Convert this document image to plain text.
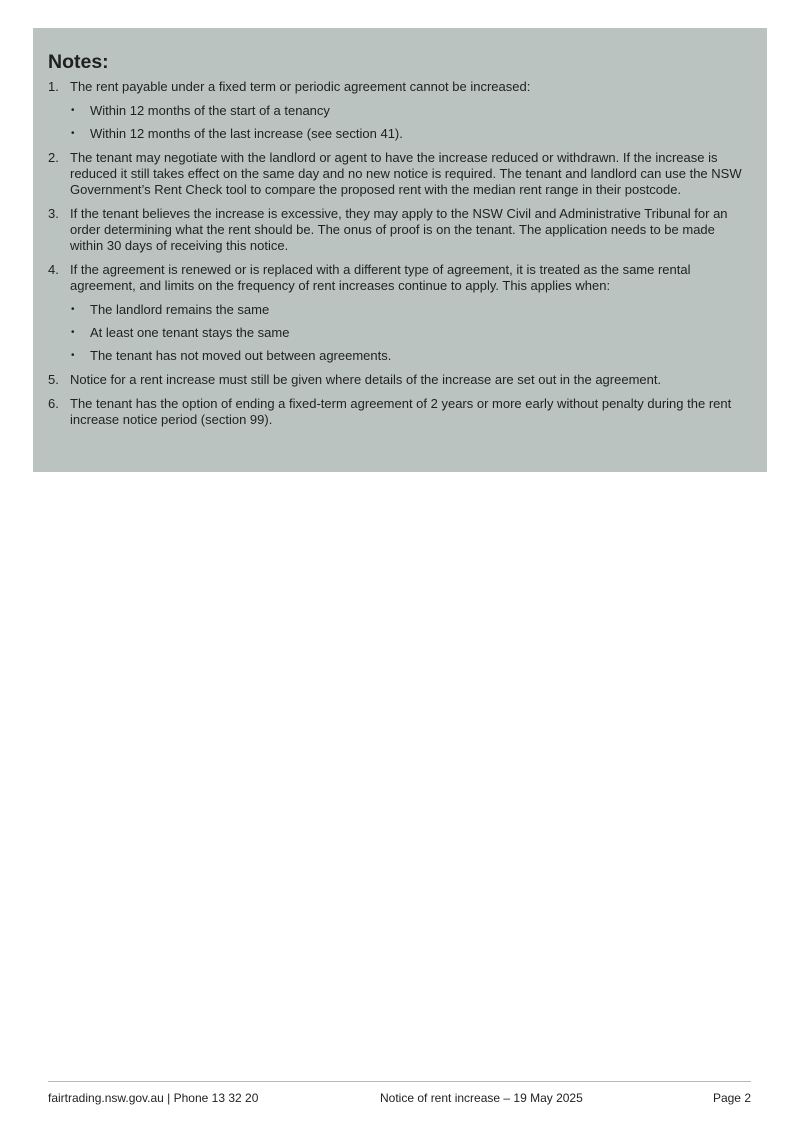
Notes:
1. The rent payable under a fixed term or periodic agreement cannot be increased:
• Within 12 months of the start of a tenancy
• Within 12 months of the last increase (see section 41).
2. The tenant may negotiate with the landlord or agent to have the increase reduced or withdrawn. If the increase is reduced it still takes effect on the same day and no new notice is required. The tenant and landlord can use the NSW Government’s Rent Check tool to compare the proposed rent with the median rent range in their postcode.
3. If the tenant believes the increase is excessive, they may apply to the NSW Civil and Administrative Tribunal for an order determining what the rent should be. The onus of proof is on the tenant. The application needs to be made within 30 days of receiving this notice.
4. If the agreement is renewed or is replaced with a different type of agreement, it is treated as the same rental agreement, and limits on the frequency of rent increases continue to apply. This applies when:
• The landlord remains the same
• At least one tenant stays the same
• The tenant has not moved out between agreements.
5. Notice for a rent increase must still be given where details of the increase are set out in the agreement.
6. The tenant has the option of ending a fixed-term agreement of 2 years or more early without penalty during the rent increase notice period (section 99).
fairtrading.nsw.gov.au | Phone 13 32 20	Notice of rent increase – 19 May 2025	Page 2
